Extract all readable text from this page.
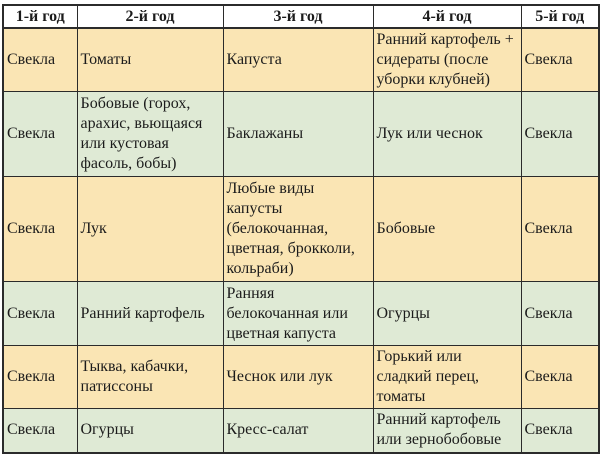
1-й год	2-й год	3-й год	4-й год	5-й год
Свекла	Томаты	Капуста	Ранний картофель + сидераты (после уборки клубней)	Свекла
Свекла	Бобовые (горох, арахис, вьющаяся или кустовая фасоль, бобы)	Баклажаны	Лук или чеснок	Свекла
Свекла	Лук	Любые виды капусты (белокочанная, цветная, брокколи, кольраби)	Бобовые	Свекла
Свекла	Ранний картофель	Ранняя белокочанная или цветная капуста	Огурцы	Свекла
Свекла	Тыква, кабачки, патиссоны	Чеснок или лук	Горький или сладкий перец, томаты	Свекла
Свекла	Огурцы	Кресс-салат	Ранний картофель или зернобобовые	Свекла
